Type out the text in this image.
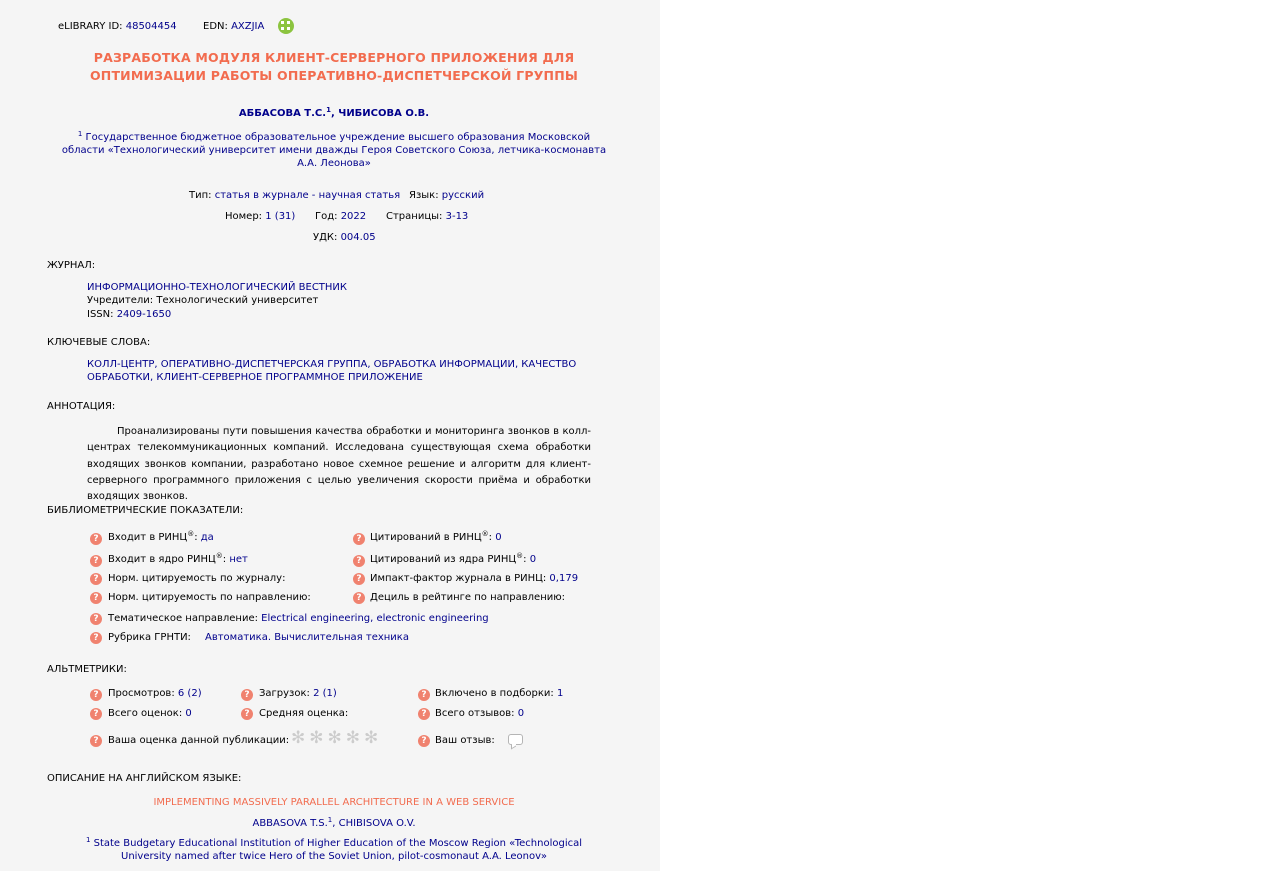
eLIBRARY ID: 48504454	EDN: AXZJIA
РАЗРАБОТКА МОДУЛЯ КЛИЕНТ-СЕРВЕРНОГО ПРИЛОЖЕНИЯ ДЛЯ
ОПТИМИЗАЦИИ РАБОТЫ ОПЕРАТИВНО-ДИСПЕТЧЕРСКОЙ ГРУППЫ
АББАСОВА Т.С.$^1$, ЧИБИСОВА О.В.
$^1$ Государственное бюджетное образовательное учреждение высшего образования Московской
области «Технологический университет имени дважды Героя Советского Союза, летчика-космонавта
А.А. Леонова»
Тип: статья в журнале - научная статья Язык: русский
Номер: 1 (31) Год: 2022 Страницы: 3-13
УДК: 004.05
ЖУРНАЛ:
ИНФОРМАЦИОННО-ТЕХНОЛОГИЧЕСКИЙ ВЕСТНИК
Учредители: Технологический университет
ISSN: 2409-1650
КЛЮЧЕВЫЕ СЛОВА:
КОЛЛ-ЦЕНТР, ОПЕРАТИВНО-ДИСПЕТЧЕРСКАЯ ГРУППА, ОБРАБОТКА ИНФОРМАЦИИ, КАЧЕСТВО
ОБРАБОТКИ, КЛИЕНТ-СЕРВЕРНОЕ ПРОГРАММНОЕ ПРИЛОЖЕНИЕ
АННОТАЦИЯ:
Проанализированы пути повышения качества обработки и мониторинга звонков в колл-центрах телекоммуникационных компаний. Исследована существующая схема обработки входящих звонков компании, разработано новое схемное решение и алгоритм для клиент-серверного программного приложения с целью увеличения скорости приёма и обработки входящих звонков.
БИБЛИОМЕТРИЧЕСКИЕ ПОКАЗАТЕЛИ:
? Входит в РИНЦ®: да	? Цитирований в РИНЦ®: 0
? Входит в ядро РИНЦ®: нет	? Цитирований из ядра РИНЦ®: 0
? Норм. цитируемость по журналу:	? Импакт-фактор журнала в РИНЦ: 0,179
? Норм. цитируемость по направлению:	? Дециль в рейтинге по направлению:
? Тематическое направление: Electrical engineering, electronic engineering
? Рубрика ГРНТИ: Автоматика. Вычислительная техника
АЛЬТМЕТРИКИ:
? Просмотров: 6 (2)	? Загрузок: 2 (1)	? Включено в подборки: 1
? Всего оценок: 0	? Средняя оценка:	? Всего отзывов: 0
? Ваша оценка данной публикации: ✻✻✻✻✻	? Ваш отзыв:
ОПИСАНИЕ НА АНГЛИЙСКОМ ЯЗЫКЕ:
IMPLEMENTING MASSIVELY PARALLEL ARCHITECTURE IN A WEB SERVICE
ABBASOVA T.S.$^1$, CHIBISOVA O.V.
$^1$ State Budgetary Educational Institution of Higher Education of the Moscow Region «Technological
University named after twice Hero of the Soviet Union, pilot-cosmonaut A.A. Leonov»
